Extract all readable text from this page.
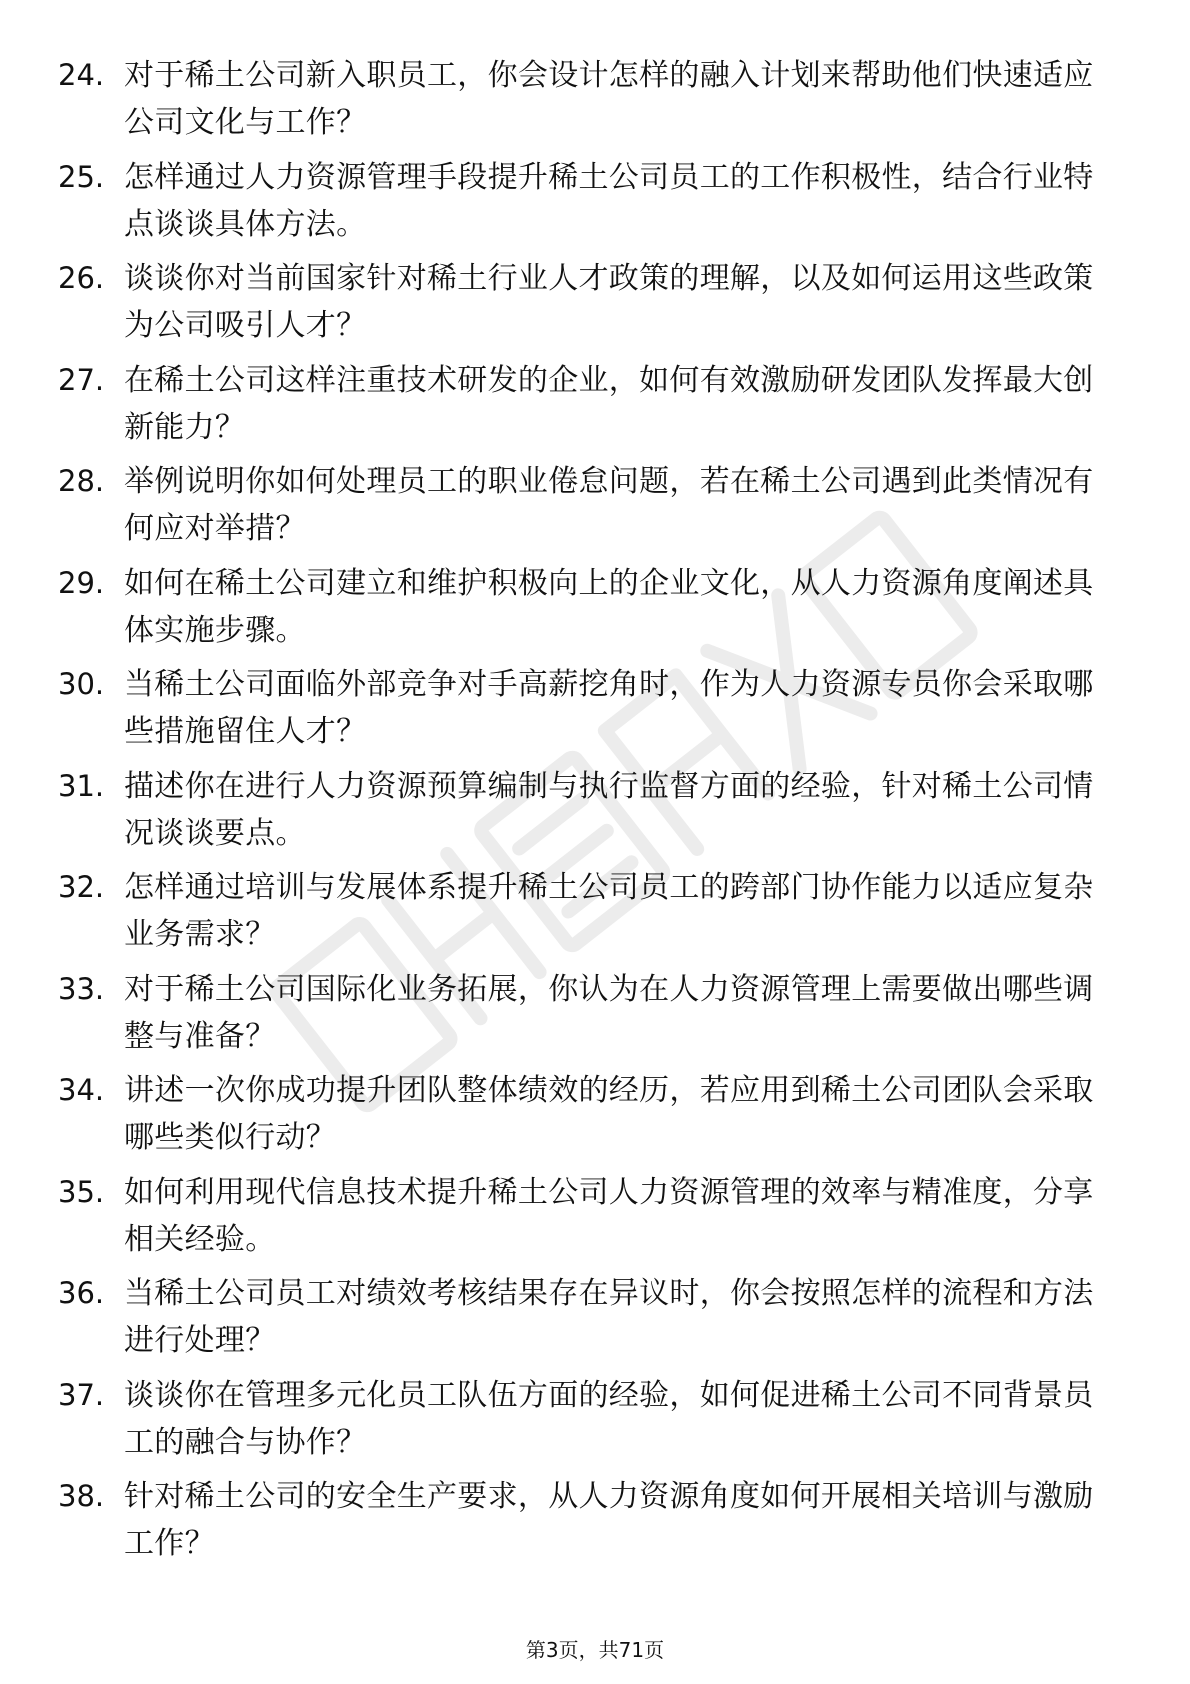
24. 对于稀土公司新入职员工，你会设计怎样的融入计划来帮助他们快速适应公司文化与工作？
25. 怎样通过人力资源管理手段提升稀土公司员工的工作积极性，结合行业特点谈谈具体方法。
26. 谈谈你对当前国家针对稀土行业人才政策的理解，以及如何运用这些政策为公司吸引人才？
27. 在稀土公司这样注重技术研发的企业，如何有效激励研发团队发挥最大创新能力？
28. 举例说明你如何处理员工的职业倦怠问题，若在稀土公司遇到此类情况有何应对举措？
29. 如何在稀土公司建立和维护积极向上的企业文化，从人力资源角度阐述具体实施步骤。
30. 当稀土公司面临外部竞争对手高薪挖角时，作为人力资源专员你会采取哪些措施留住人才？
31. 描述你在进行人力资源预算编制与执行监督方面的经验，针对稀土公司情况谈谈要点。
32. 怎样通过培训与发展体系提升稀土公司员工的跨部门协作能力以适应复杂业务需求？
33. 对于稀土公司国际化业务拓展，你认为在人力资源管理上需要做出哪些调整与准备？
34. 讲述一次你成功提升团队整体绩效的经历，若应用到稀土公司团队会采取哪些类似行动？
35. 如何利用现代信息技术提升稀土公司人力资源管理的效率与精准度，分享相关经验。
36. 当稀土公司员工对绩效考核结果存在异议时，你会按照怎样的流程和方法进行处理？
37. 谈谈你在管理多元化员工队伍方面的经验，如何促进稀土公司不同背景员工的融合与协作？
38. 针对稀土公司的安全生产要求，从人力资源角度如何开展相关培训与激励工作？
第3页，共71页
